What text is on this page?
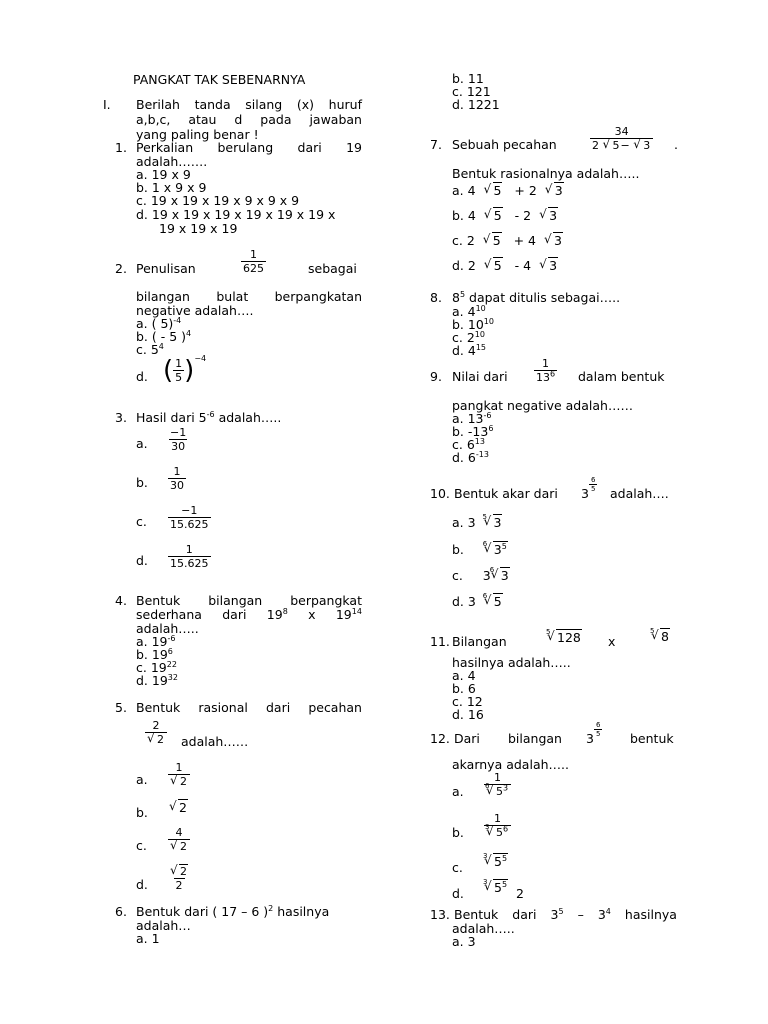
PANGKAT TAK SEBENARNYA
I. Berilah tanda silang (x) huruf
a,b,c, atau d pada jawaban
yang paling benar !
1. Perkalian berulang dari 19
adalah…….
a. 19 x 9
b. 1 x 9 x 9
c. 19 x 19 x 19 x 9 x 9 x 9
d. 19 x 19 x 19 x 19 x 19 x 19 x
19 x 19 x 19
2. Penulisan	$\frac{1}{625}$	sebagai
bilangan bulat berpangkatan
negative adalah….
a. ( 5)$^{-4}$
b. ( - 5 )$^4$
c. $5^4$
d. ( $\frac{1}{5} )^{-4}$
3. Hasil dari $5^{-6}$ adalah…..
a. $\frac{-1}{30}$
b. $\frac{1}{30}$
c. $\frac{-1}{15.625}$
d. $\frac{1}{15.625}$
4. Bentuk bilangan berpangkat
sederhana dari $19^8$ x $19^{14}$
adalah…..
a. $19^{-6}$
b. $19^6$
c. $19^{22}$
d. $19^{32}$
5. Bentuk rasional dari pecahan
2
√ 2 adalah……
a. 1
√ 2
b.	√ 2
c. 4
√ 2
d. √ $\frac{2}{2}$
6. Bentuk dari ( 17 – 6 )$^2$ hasilnya
adalah…
a. 1
b. 11
c. 121
d. 1221
7. Sebuah pecahan	$\frac{34}{2 √ 5- √ 3}$ .
Bentuk rasionalnya adalah…..
a. 4 √ 5 + 2 √ 3
b. 4 √ 5 - 2 √ 3
c. 2 √ 5 + 4 √ 3
d. 2 √ 5 - 4 √ 3
8. $8^5$ dapat ditulis sebagai…..
a. $4^{10}$
b. $10^{10}$
c. $2^{10}$
d. $4^{15}$
9. Nilai dari $\frac{1}{13^6}$ dalam bentuk
pangkat negative adalah……
a. $13^{-6}$
b. $-13^6$
c. $6^{13}$
d. $6^{-13}$
10. Bentuk akar dari 3
$\frac{6}{5}$
adalah….
a. 3 √ 5 3
b.	√ 6 $3^5$
c. 3 √ 6 3
d. 3 √ 6 5
11. Bilangan
√ 5 128 x
√ 5 8
hasilnya adalah…..
a. 4
b. 6
c. 12
d. 16
12. Dari bilangan 3
$\frac{6}{5}$
bentuk
akarnya adalah…..
a. 1
√ 6 $5^3$
b. 1
√ 3 $5^6$
c.
√ 3 $5^5$
d.
√ 3 $5^5$  2
13. Bentuk dari $3^5 - 3^4$ hasilnya
adalah…..
a. 3
